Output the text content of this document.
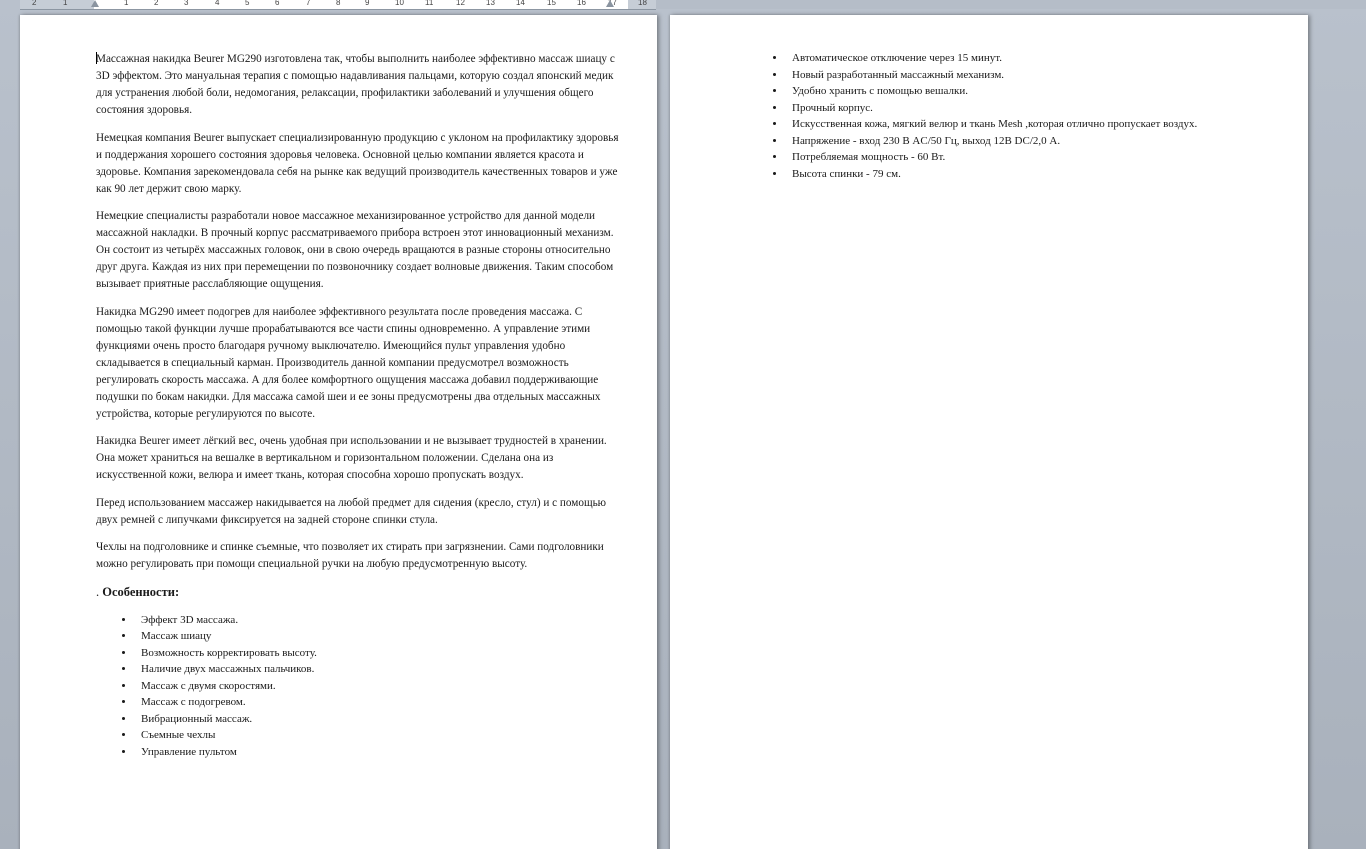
2	1	1	2	3	4	5	6	7	8	9	10	11	12	13	14	15	16	17	18

Массажная накидка Beurer MG290 изготовлена так, чтобы выполнить наиболее эффективно массаж шиацу с 3D эффектом. Это мануальная терапия с помощью надавливания пальцами, которую создал японский медик для устранения любой боли, недомогания, релаксации, профилактики заболеваний и улучшения общего состояния здоровья.

Немецкая компания Beurer выпускает специализированную продукцию с уклоном на профилактику здоровья и поддержания хорошего состояния здоровья человека. Основной целью компании является красота и здоровье. Компания зарекомендовала себя на рынке как ведущий производитель качественных товаров и уже как 90 лет держит свою марку.

Немецкие специалисты разработали новое массажное механизированное устройство для данной модели массажной накладки. В прочный корпус рассматриваемого прибора встроен этот инновационный механизм. Он состоит из четырёх массажных головок, они в свою очередь вращаются в разные стороны относительно друг друга. Каждая из них при перемещении по позвоночнику создает волновые движения. Таким способом вызывает приятные расслабляющие ощущения.

Накидка MG290 имеет подогрев для наиболее эффективного результата после проведения массажа. С помощью такой функции лучше прорабатываются все части спины одновременно. А управление этими функциями очень просто благодаря ручному выключателю. Имеющийся пульт управления удобно складывается в специальный карман. Производитель данной компании предусмотрел возможность регулировать скорость массажа. А для более комфортного ощущения массажа добавил поддерживающие подушки по бокам накидки. Для массажа самой шеи и ее зоны предусмотрены два отдельных массажных устройства, которые регулируются по высоте.

Накидка Beurer имеет лёгкий вес, очень удобная при использовании и не вызывает трудностей в хранении. Она может храниться на вешалке в вертикальном и горизонтальном положении. Сделана она из искусственной кожи, велюра и имеет ткань, которая способна хорошо пропускать воздух.

Перед использованием массажер накидывается на любой предмет для сидения (кресло, стул) и с помощью двух ремней с липучками фиксируется на задней стороне спинки стула.

Чехлы на подголовнике и спинке съемные, что позволяет их стирать при загрязнении. Сами подголовники можно регулировать при помощи специальной ручки на любую предусмотренную высоту.

. Особенности:
• Эффект 3D массажа.
• Массаж шиацу
• Возможность корректировать высоту.
• Наличие двух массажных пальчиков.
• Массаж с двумя скоростями.
• Массаж с подогревом.
• Вибрационный массаж.
• Съемные чехлы
• Управление пультом
• Автоматическое отключение через 15 минут.
• Новый разработанный массажный механизм.
• Удобно хранить с помощью вешалки.
• Прочный корпус.
• Искусственная кожа, мягкий велюр и ткань Mesh ,которая отлично пропускает воздух.
• Напряжение - вход 230 В AC/50 Гц, выход 12В DC/2,0 А.
• Потребляемая мощность - 60 Вт.
• Высота спинки - 79 см.
